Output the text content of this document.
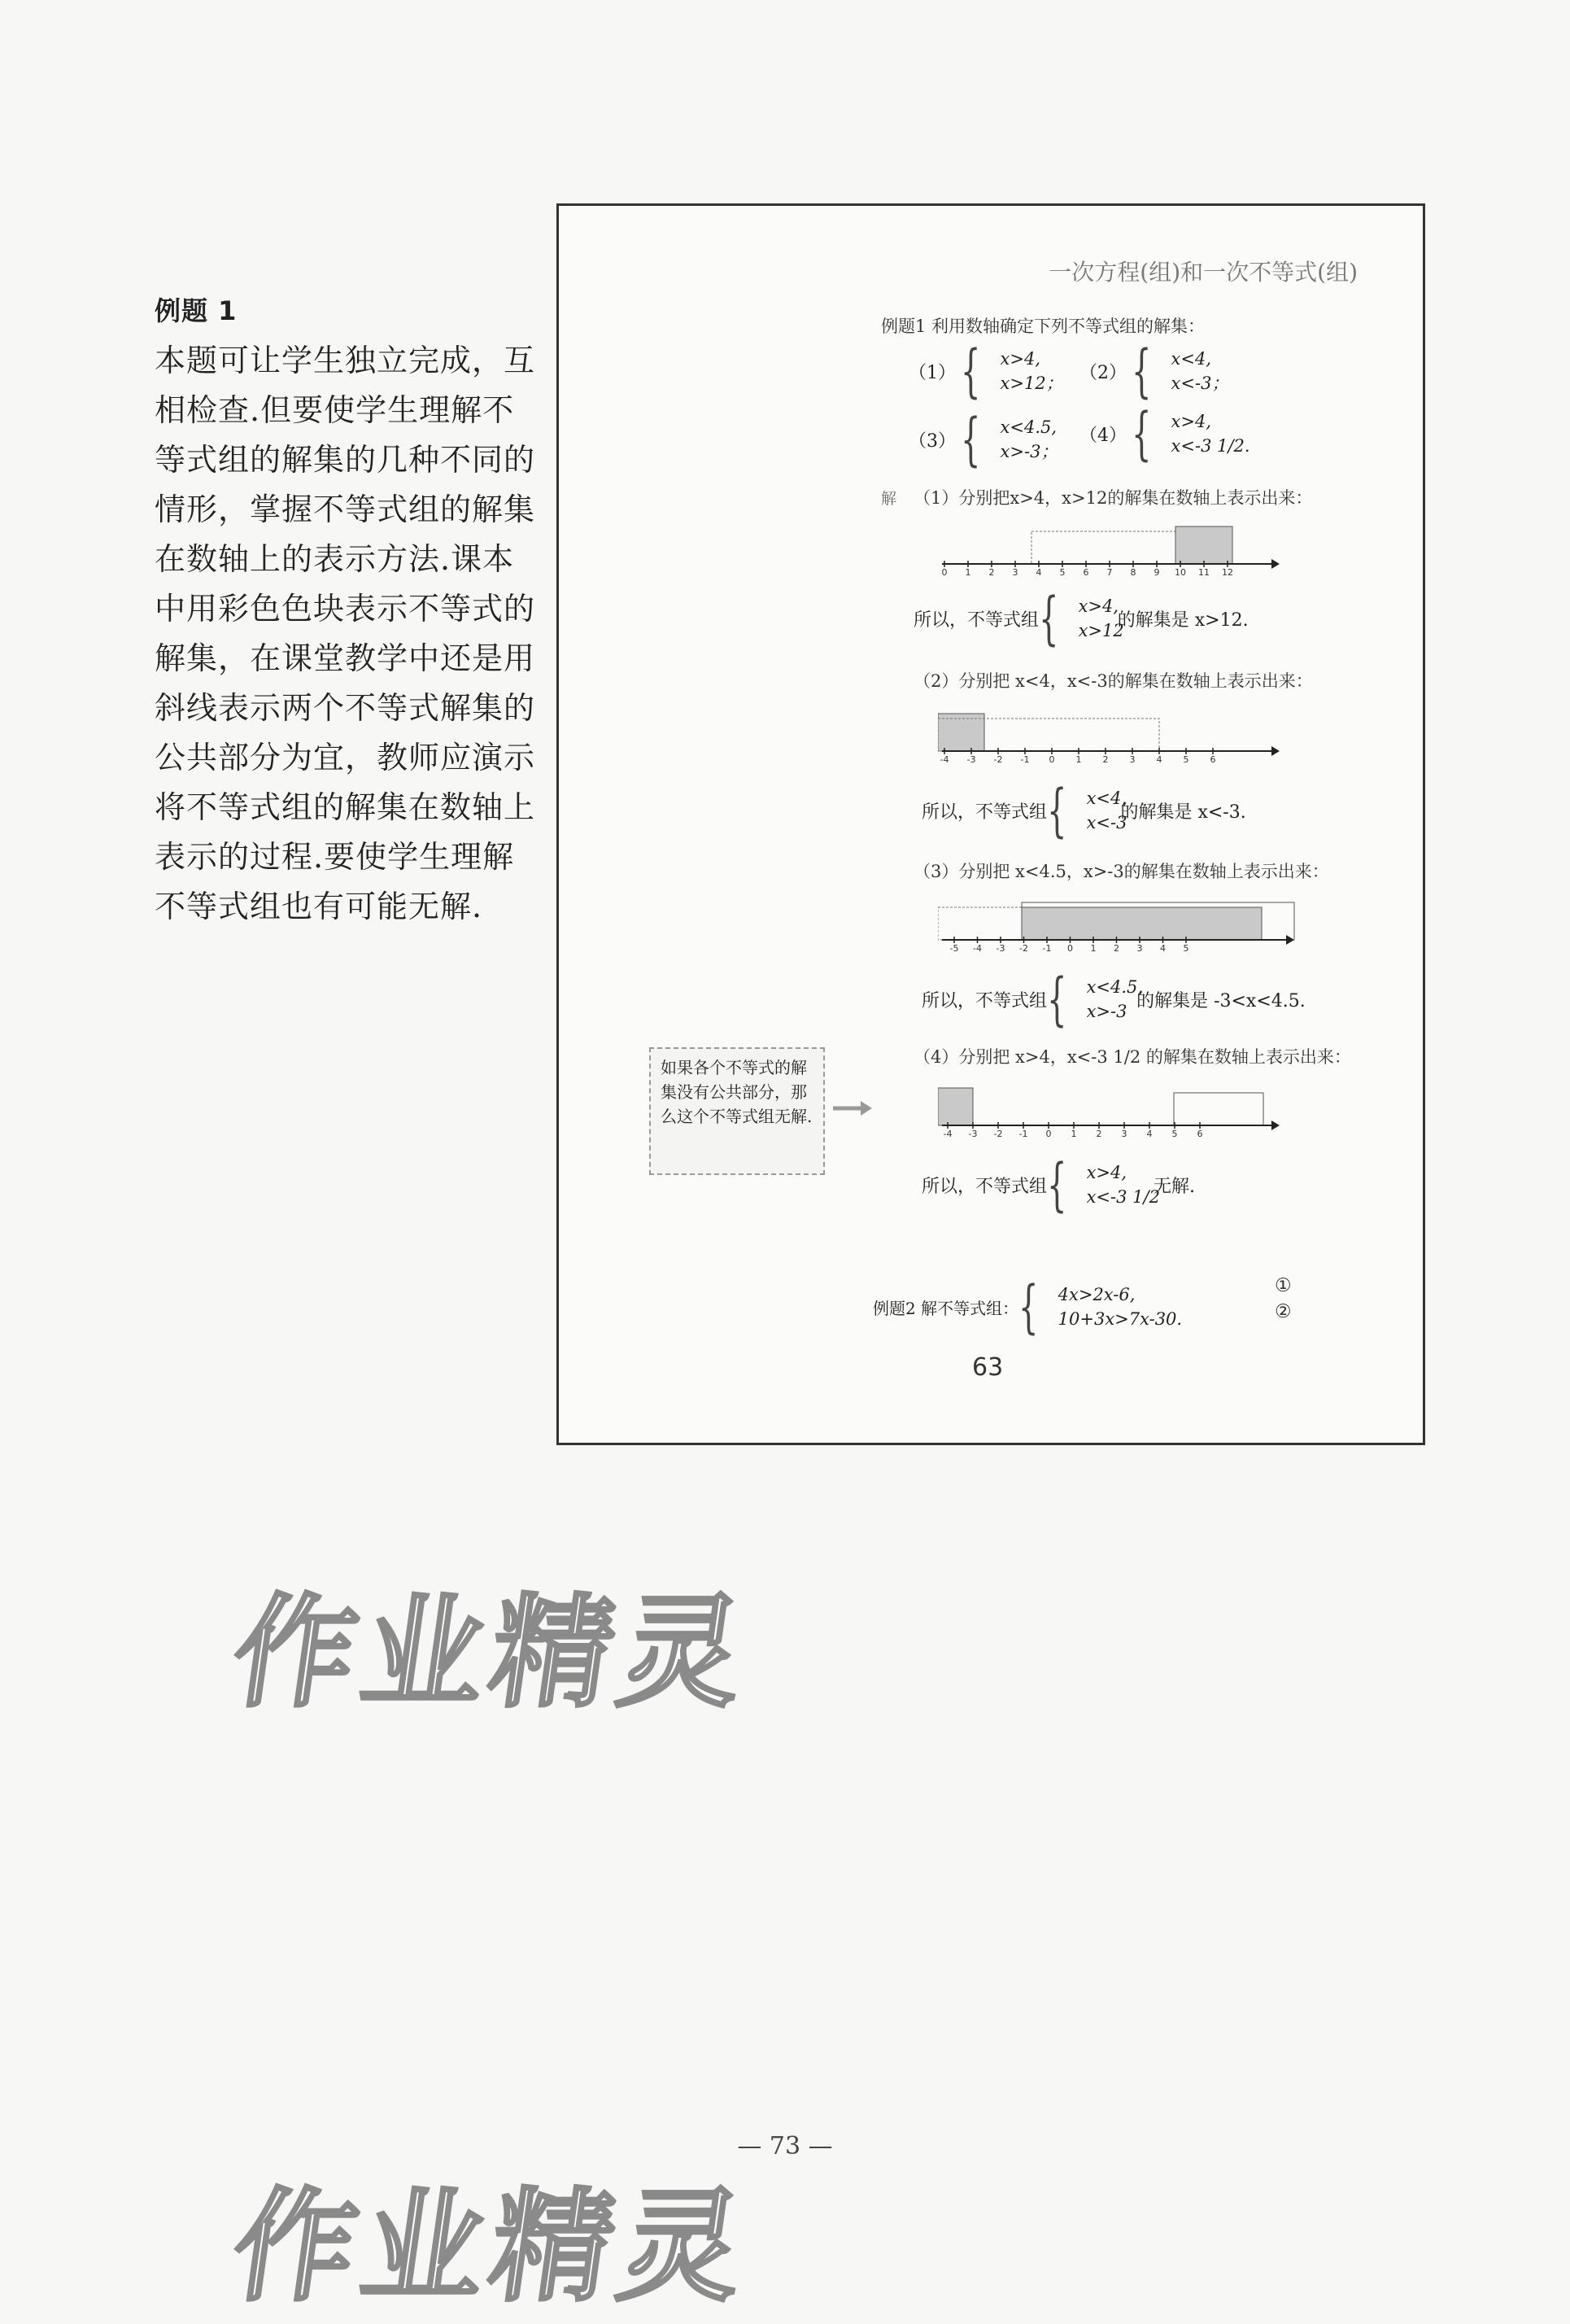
例题 1
本题可让学生独立完成，互相检查.但要使学生理解不等式组的解集的几种不同的情形，掌握不等式组的解集在数轴上的表示方法.课本中用彩色色块表示不等式的解集，在课堂教学中还是用斜线表示两个不等式解集的公共部分为宜，教师应演示将不等式组的解集在数轴上表示的过程.要使学生理解不等式组也有可能无解.
一次方程(组)和一次不等式(组)
例题1 利用数轴确定下列不等式组的解集：
（1） { x>4,
x>12；
（2） { x<4,
x<-3；
（3） { x<4.5,
x>-3；
（4） { x>4,
x<-3 1/2.
解 （1）分别把x>4，x>12的解集在数轴上表示出来：
0 1 2 3 4 5 6 7 8 9 10 11 12
所以，不等式组 { x>4,
x>12
的解集是 x>12.
（2）分别把 x<4，x<-3的解集在数轴上表示出来：
-4 -3 -2 -1 0 1 2 3 4 5 6
所以，不等式组 { x<4,
x<-3
的解集是 x<-3.
（3）分别把 x<4.5，x>-3的解集在数轴上表示出来：
-5 -4 -3 -2 -1 0 1 2 3 4 5
所以，不等式组 { x<4.5,
x>-3
的解集是 -3<x<4.5.
（4）分别把 x>4，x<-3 1/2 的解集在数轴上表示出来：
-4 -3 -2 -1 0 1 2 3 4 5 6
所以，不等式组 { x>4,
x<-3 1/2
无解.
例题2 解不等式组： { 4x>2x-6,
10+3x>7x-30.
①
②
63
如果各个不等式的解集没有公共部分，那么这个不等式组无解.
作业精灵
作业精灵
— 73 —
